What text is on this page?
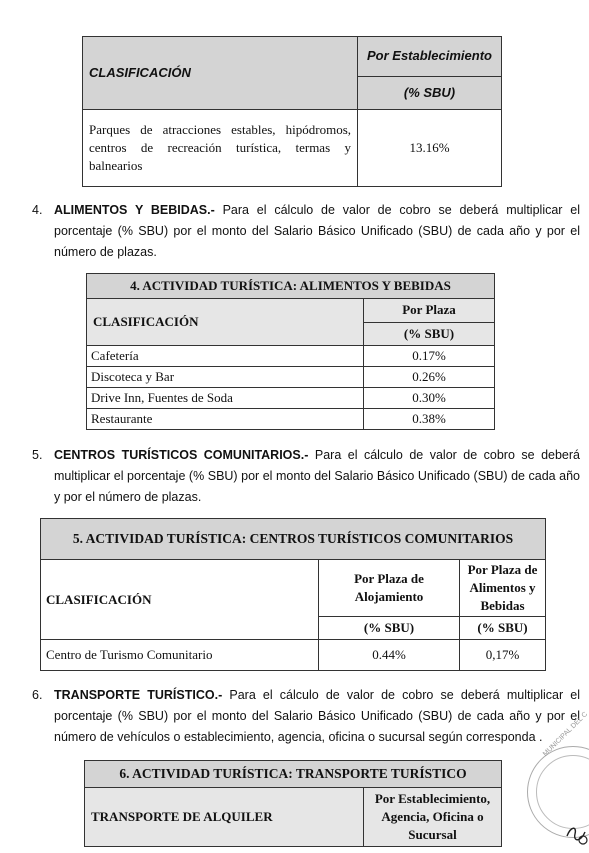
CLASIFICACIÓN	Por Establecimiento
	(% SBU)

Parques de atracciones estables, hipódromos, centros de recreación turística, termas y balnearios	13.16%
4. ALIMENTOS Y BEBIDAS.- Para el cálculo de valor de cobro se deberá multiplicar el porcentaje (% SBU) por el monto del Salario Básico Unificado (SBU) de cada año y por el número de plazas.
4. ACTIVIDAD TURÍSTICA: ALIMENTOS Y BEBIDAS	
CLASIFICACIÓN	Por Plaza
	(% SBU)
Cafetería	0.17%
Discoteca y Bar	0.26%
Drive Inn, Fuentes de Soda	0.30%
Restaurante	0.38%
5. CENTROS TURÍSTICOS COMUNITARIOS.- Para el cálculo de valor de cobro se deberá multiplicar el porcentaje (% SBU) por el monto del Salario Básico Unificado (SBU) de cada año y por el número de plazas.
5. ACTIVIDAD TURÍSTICA: CENTROS TURÍSTICOS COMUNITARIOS		
CLASIFICACIÓN	Por Plaza de Alojamiento	Por Plaza de Alimentos y Bebidas
	(% SBU)	(% SBU)
Centro de Turismo Comunitario	0.44%	0,17%
6. TRANSPORTE TURÍSTICO.- Para el cálculo de valor de cobro se deberá multiplicar el porcentaje (% SBU) por el monto del Salario Básico Unificado (SBU) de cada año y por el número de vehículos o establecimiento, agencia, oficina o sucursal según corresponda .
6. ACTIVIDAD TURÍSTICA: TRANSPORTE TURÍSTICO
TRANSPORTE DE ALQUILER	Por Establecimiento, Agencia, Oficina o Sucursal
MUNICIPAL DEL C
